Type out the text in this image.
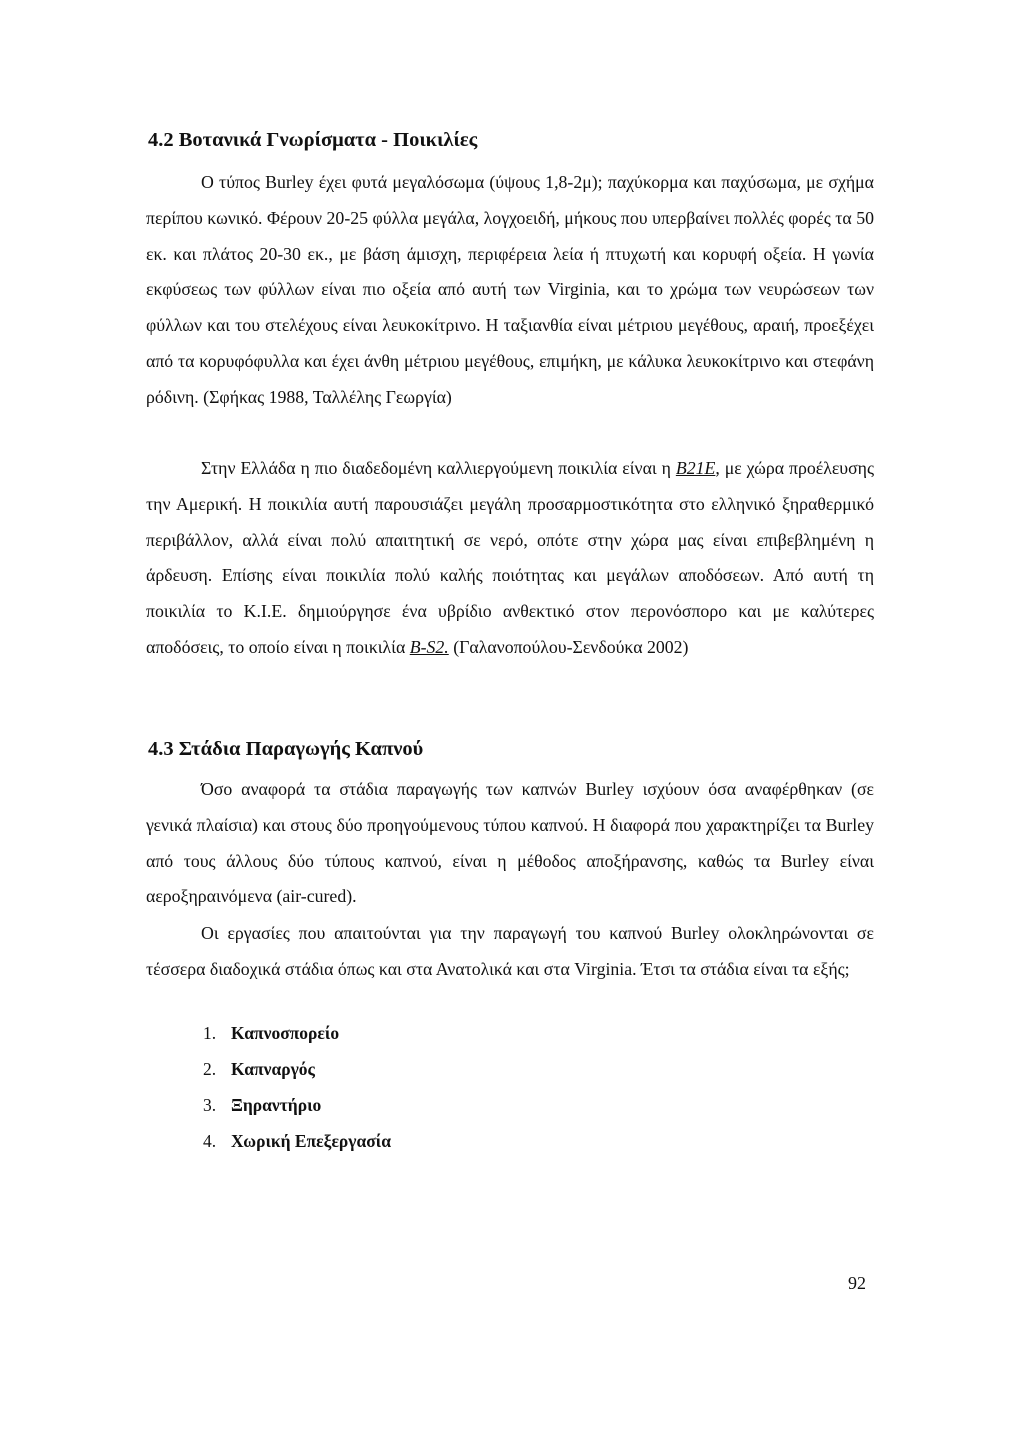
4.2 Βοτανικά Γνωρίσματα - Ποικιλίες

Ο τύπος Burley έχει φυτά μεγαλόσωμα (ύψους 1,8-2μ); παχύκορμα και παχύσωμα, με σχήμα περίπου κωνικό. Φέρουν 20-25 φύλλα μεγάλα, λογχοειδή, μήκους που υπερβαίνει πολλές φορές τα 50 εκ. και πλάτος 20-30 εκ., με βάση άμισχη, περιφέρεια λεία ή πτυχωτή και κορυφή οξεία. Η γωνία εκφύσεως των φύλλων είναι πιο οξεία από αυτή των Virginia, και το χρώμα των νευρώσεων των φύλλων και του στελέχους είναι λευκοκίτρινο. Η ταξιανθία είναι μέτριου μεγέθους, αραιή, προεξέχει από τα κορυφόφυλλα και έχει άνθη μέτριου μεγέθους, επιμήκη, με κάλυκα λευκοκίτρινο και στεφάνη ρόδινη. (Σφήκας 1988, Ταλλέλης Γεωργία)

Στην Ελλάδα η πιο διαδεδομένη καλλιεργούμενη ποικιλία είναι η B21E, με χώρα προέλευσης την Αμερική. Η ποικιλία αυτή παρουσιάζει μεγάλη προσαρμοστικότητα στο ελληνικό ξηραθερμικό περιβάλλον, αλλά είναι πολύ απαιτητική σε νερό, οπότε στην χώρα μας είναι επιβεβλημένη η άρδευση. Επίσης είναι ποικιλία πολύ καλής ποιότητας και μεγάλων αποδόσεων. Από αυτή τη ποικιλία το Κ.Ι.Ε. δημιούργησε ένα υβρίδιο ανθεκτικό στον περονόσπορο και με καλύτερες αποδόσεις, το οποίο είναι η ποικιλία B-S2. (Γαλανοπούλου-Σενδούκα 2002)

4.3 Στάδια Παραγωγής Καπνού

Όσο αναφορά τα στάδια παραγωγής των καπνών Burley ισχύουν όσα αναφέρθηκαν (σε γενικά πλαίσια) και στους δύο προηγούμενους τύπου καπνού. Η διαφορά που χαρακτηρίζει τα Burley από τους άλλους δύο τύπους καπνού, είναι η μέθοδος αποξήρανσης, καθώς τα Burley είναι αεροξηραινόμενα (air-cured).

Οι εργασίες που απαιτούνται για την παραγωγή του καπνού Burley ολοκληρώνονται σε τέσσερα διαδοχικά στάδια όπως και στα Ανατολικά και στα Virginia. Έτσι τα στάδια είναι τα εξής;

1. Καπνοσπορείο
2. Καπναργός
3. Ξηραντήριο
4. Χωρική Επεξεργασία
92
